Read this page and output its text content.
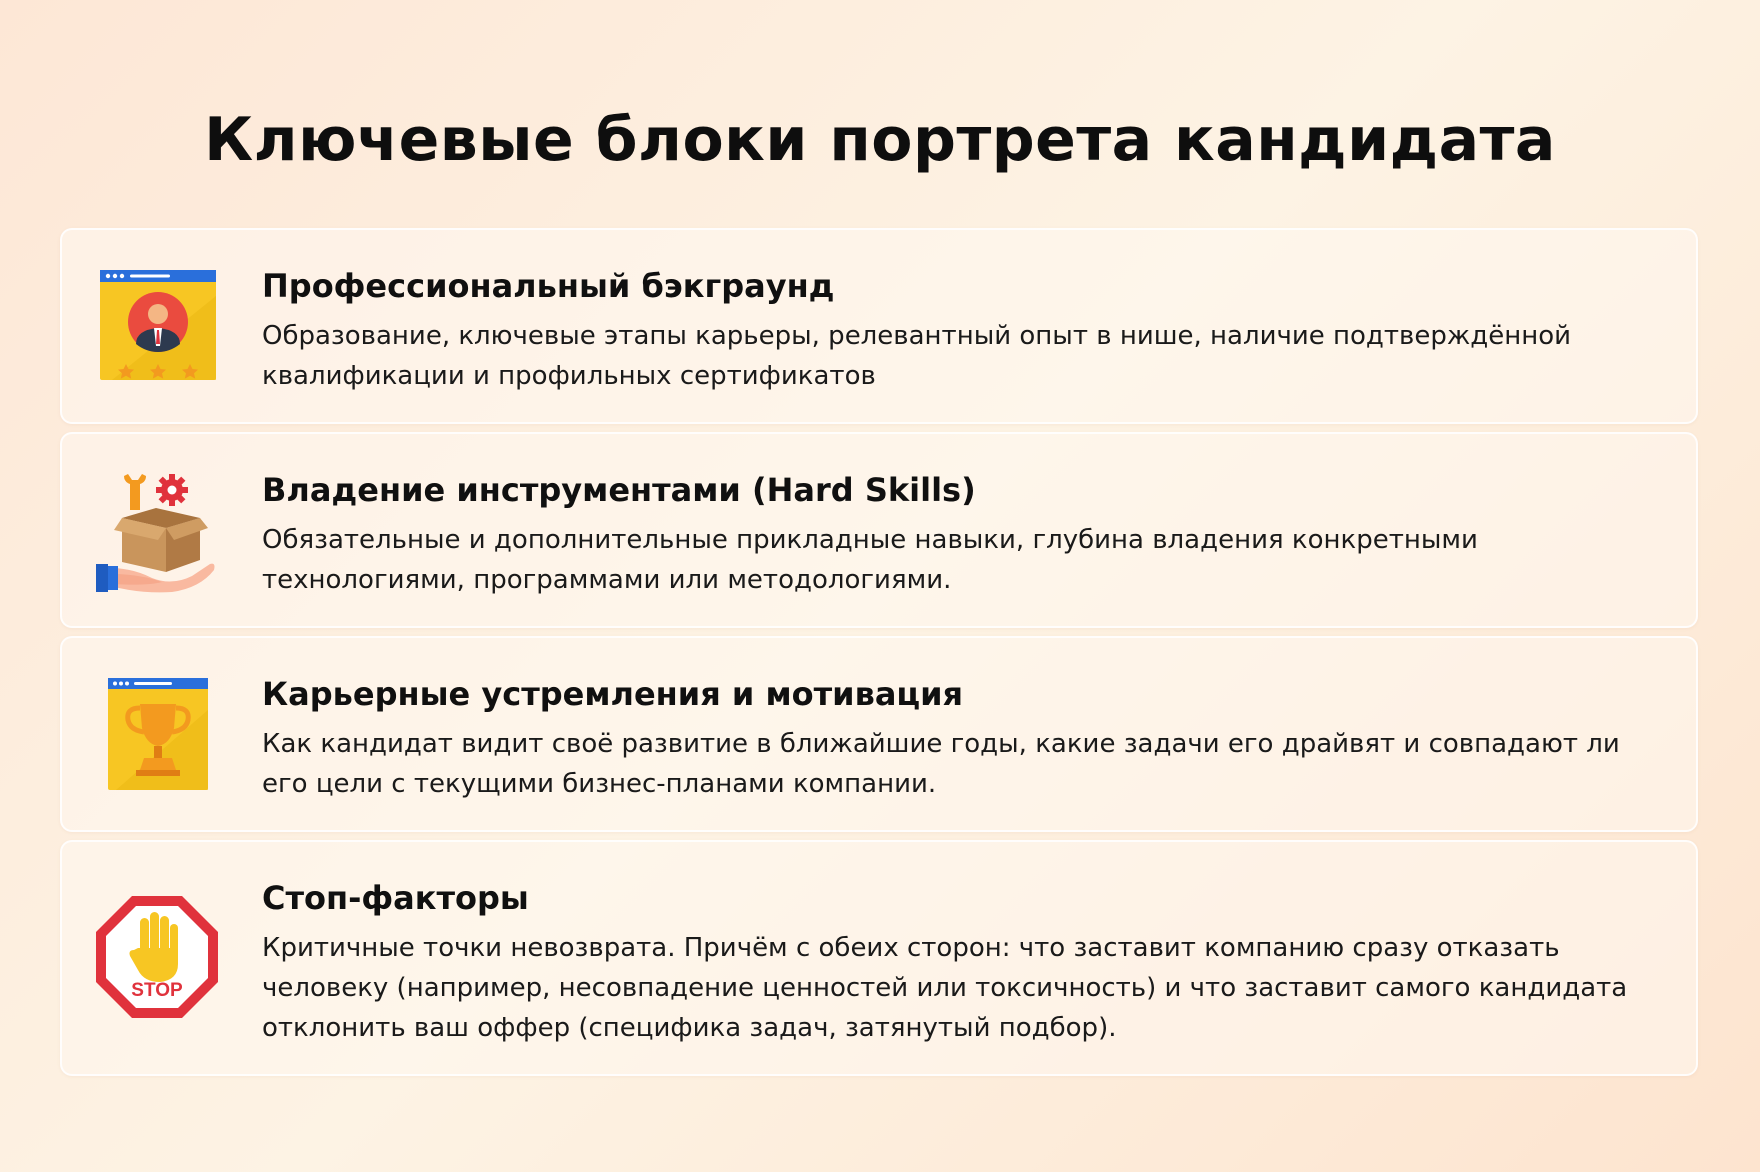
Ключевые блоки портрета кандидата
Профессиональный бэкграунд

Образование, ключевые этапы карьеры, релевантный опыт в нише, наличие подтверждённой квалификации и профильных сертификатов

Владение инструментами (Hard Skills)

Обязательные и дополнительные прикладные навыки, глубина владения конкретными технологиями, программами или методологиями.

Карьерные устремления и мотивация

Как кандидат видит своё развитие в ближайшие годы, какие задачи его драйвят и совпадают ли его цели с текущими бизнес-планами компании.

STOP
Стоп-факторы

Критичные точки невозврата. Причём с обеих сторон: что заставит компанию сразу отказать человеку (например, несовпадение ценностей или токсичность) и что заставит самого кандидата отклонить ваш оффер (специфика задач, затянутый подбор).
